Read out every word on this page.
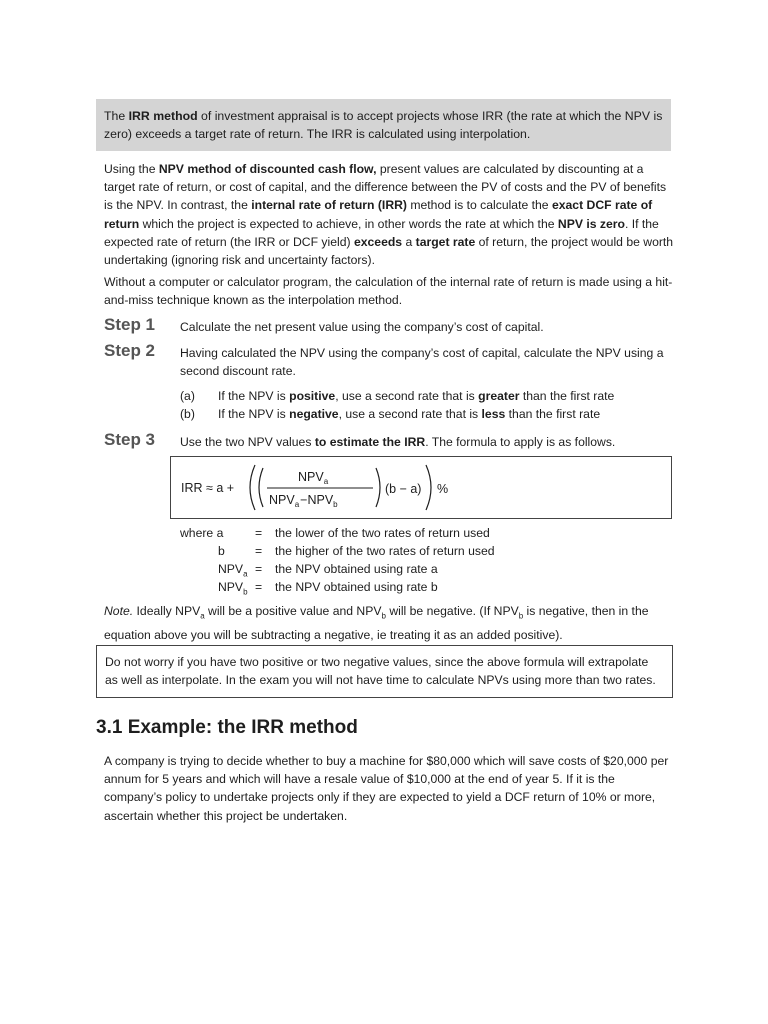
The IRR method of investment appraisal is to accept projects whose IRR (the rate at which the NPV is zero) exceeds a target rate of return. The IRR is calculated using interpolation.
Using the NPV method of discounted cash flow, present values are calculated by discounting at a target rate of return, or cost of capital, and the difference between the PV of costs and the PV of benefits is the NPV. In contrast, the internal rate of return (IRR) method is to calculate the exact DCF rate of return which the project is expected to achieve, in other words the rate at which the NPV is zero. If the expected rate of return (the IRR or DCF yield) exceeds a target rate of return, the project would be worth undertaking (ignoring risk and uncertainty factors).
Without a computer or calculator program, the calculation of the internal rate of return is made using a hit-and-miss technique known as the interpolation method.
Step 1 Calculate the net present value using the company’s cost of capital.
Step 2 Having calculated the NPV using the company’s cost of capital, calculate the NPV using a second discount rate.
(a) If the NPV is positive, use a second rate that is greater than the first rate
(b) If the NPV is negative, use a second rate that is less than the first rate
Step 3 Use the two NPV values to estimate the IRR. The formula to apply is as follows.
IRR ≈ a +
$NPV_a$
$NPV_a-NPV_b$
(b − a) %
where a	= the lower of the two rates of return used
b = the higher of the two rates of return used
$NPV_a$ = the NPV obtained using rate a
$NPV_b$ = the NPV obtained using rate b
Note. Ideally $NPV_a$ will be a positive value and $NPV_b$ will be negative. (If $NPV_b$ is negative, then in the equation above you will be subtracting a negative, ie treating it as an added positive).
Do not worry if you have two positive or two negative values, since the above formula will extrapolate as well as interpolate. In the exam you will not have time to calculate NPVs using more than two rates.
3.1 Example: the IRR method
A company is trying to decide whether to buy a machine for $80,000 which will save costs of $20,000 per annum for 5 years and which will have a resale value of $10,000 at the end of year 5. If it is the company’s policy to undertake projects only if they are expected to yield a DCF return of 10% or more, ascertain whether this project be undertaken.
